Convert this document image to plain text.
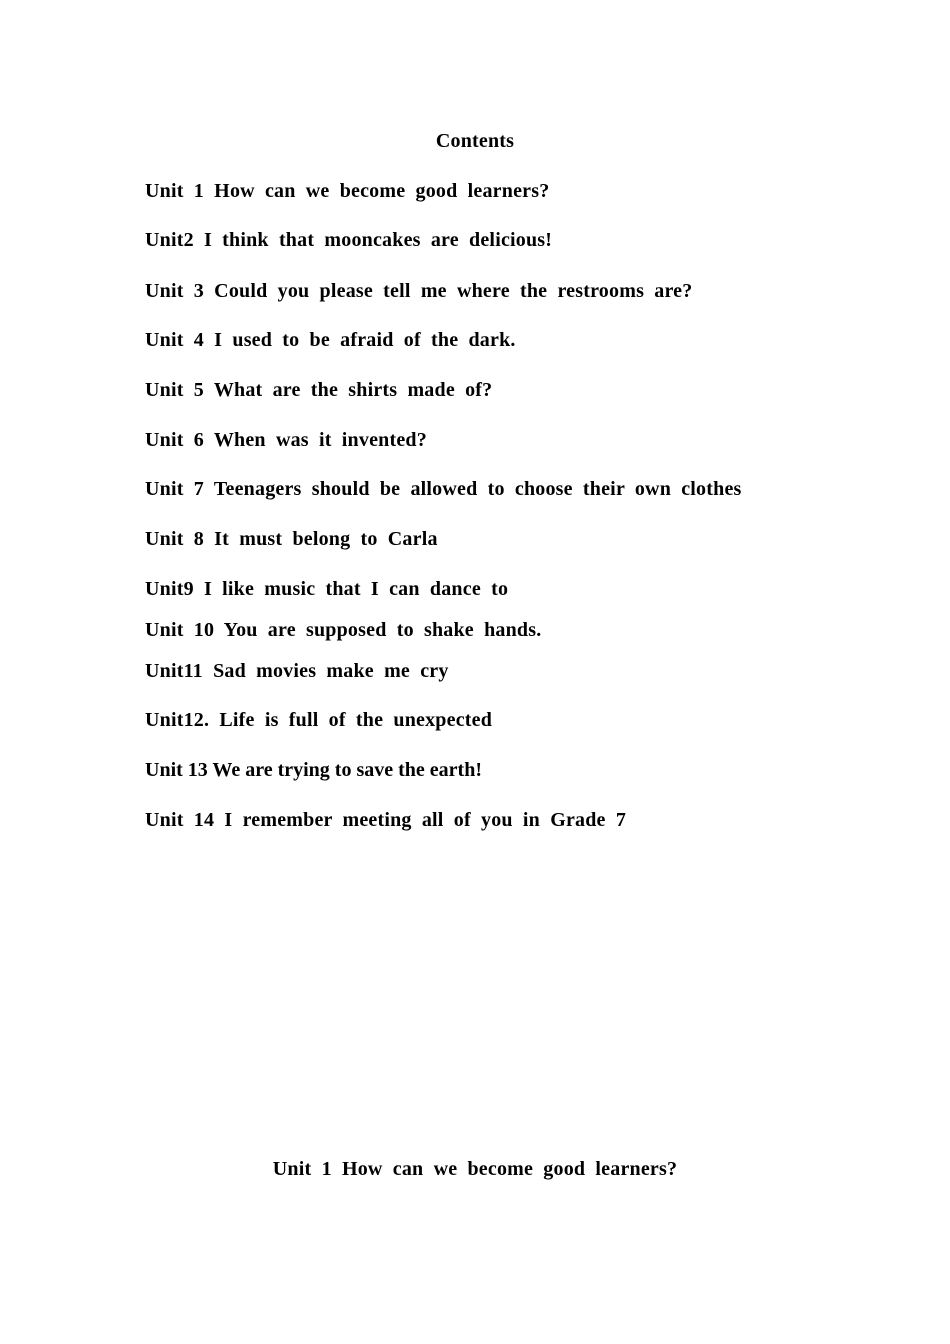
Contents
Unit 1 How can we become good learners?
Unit2 I think that mooncakes are delicious!
Unit 3 Could you please tell me where the restrooms are?
Unit 4 I used to be afraid of the dark.
Unit 5 What are the shirts made of?
Unit 6 When was it invented?
Unit 7 Teenagers should be allowed to choose their own clothes
Unit 8 It must belong to Carla
Unit9 I like music that I can dance to
Unit 10 You are supposed to shake hands.
Unit11 Sad movies make me cry
Unit12. Life is full of the unexpected
Unit 13 We are trying to save the earth!
Unit 14 I remember meeting all of you in Grade 7
Unit 1 How can we become good learners?
